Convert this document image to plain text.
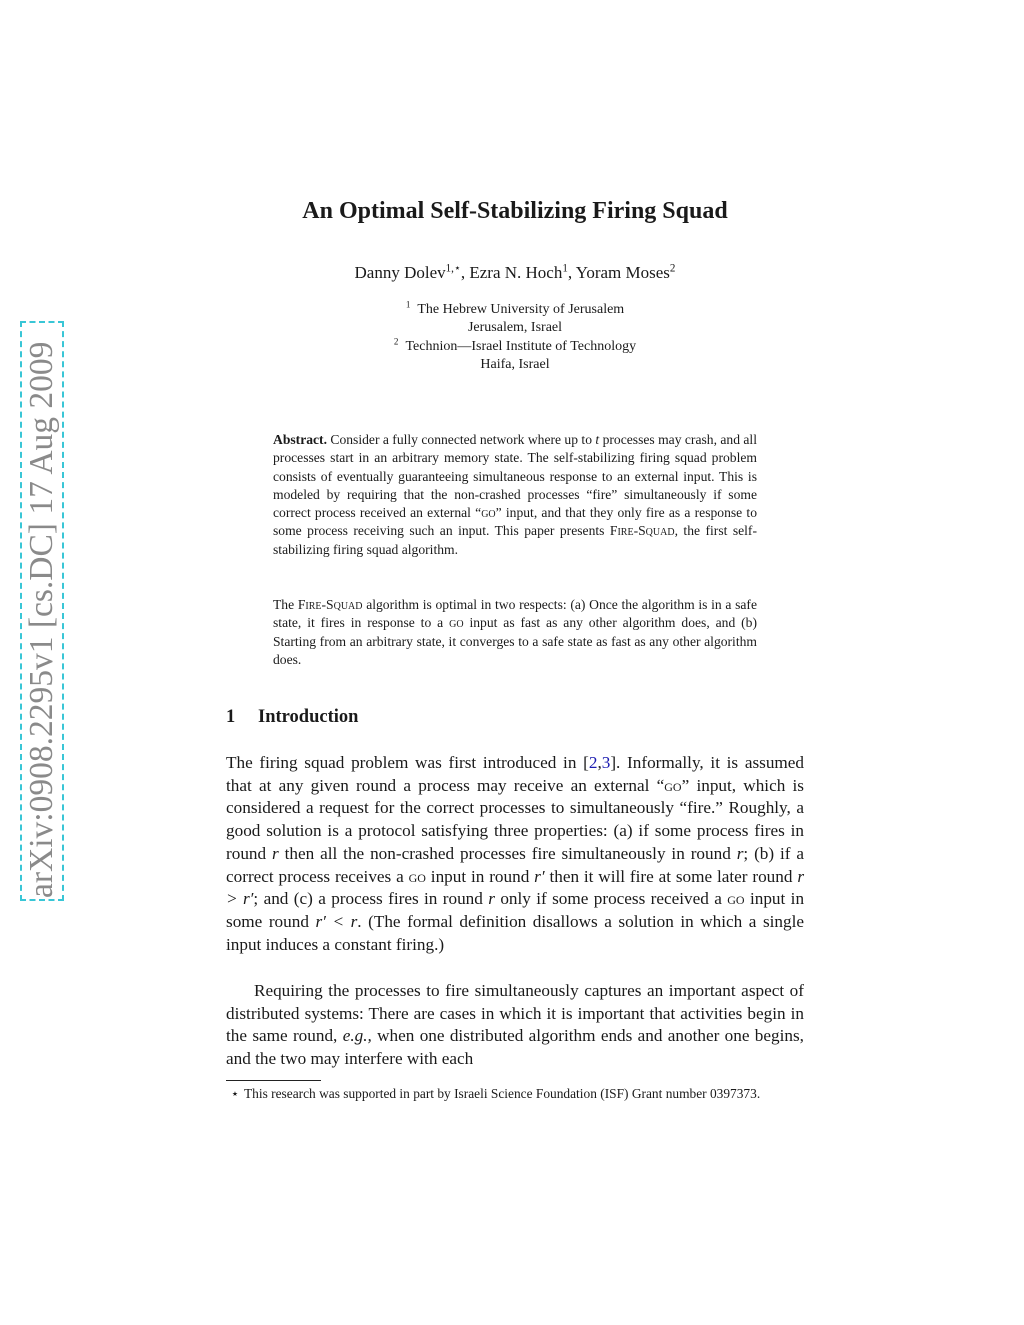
arXiv:0908.2295v1 [cs.DC] 17 Aug 2009
An Optimal Self-Stabilizing Firing Squad
Danny Dolev$^{1,⋆}$, Ezra N. Hoch$^1$, Yoram Moses$^2$
$^1$ The Hebrew University of Jerusalem
Jerusalem, Israel
$^2$ Technion—Israel Institute of Technology
Haifa, Israel

Abstract. Consider a fully connected network where up to t processes may crash, and all processes start in an arbitrary memory state. The self-stabilizing firing squad problem consists of eventually guaranteeing simultaneous response to an external input. This is modeled by requiring that the non-crashed processes “fire” simultaneously if some correct process received an external “go” input, and that they only fire as a response to some process receiving such an input. This paper presents Fire-Squad, the first self-stabilizing firing squad algorithm.

The Fire-Squad algorithm is optimal in two respects: (a) Once the algorithm is in a safe state, it fires in response to a go input as fast as any other algorithm does, and (b) Starting from an arbitrary state, it converges to a safe state as fast as any other algorithm does.

1 Introduction

The firing squad problem was first introduced in [2,3]. Informally, it is assumed that at any given round a process may receive an external “go” input, which is considered a request for the correct processes to simultaneously “fire.” Roughly, a good solution is a protocol satisfying three properties: (a) if some process fires in round r then all the non-crashed processes fire simultaneously in round r; (b) if a correct process receives a go input in round r′ then it will fire at some later round r > r′; and (c) a process fires in round r only if some process received a go input in some round r′ < r. (The formal definition disallows a solution in which a single input induces a constant firing.)

Requiring the processes to fire simultaneously captures an important aspect of distributed systems: There are cases in which it is important that activities begin in the same round, e.g., when one distributed algorithm ends and another one begins, and the two may interfere with each

⋆ This research was supported in part by Israeli Science Foundation (ISF) Grant number 0397373.
